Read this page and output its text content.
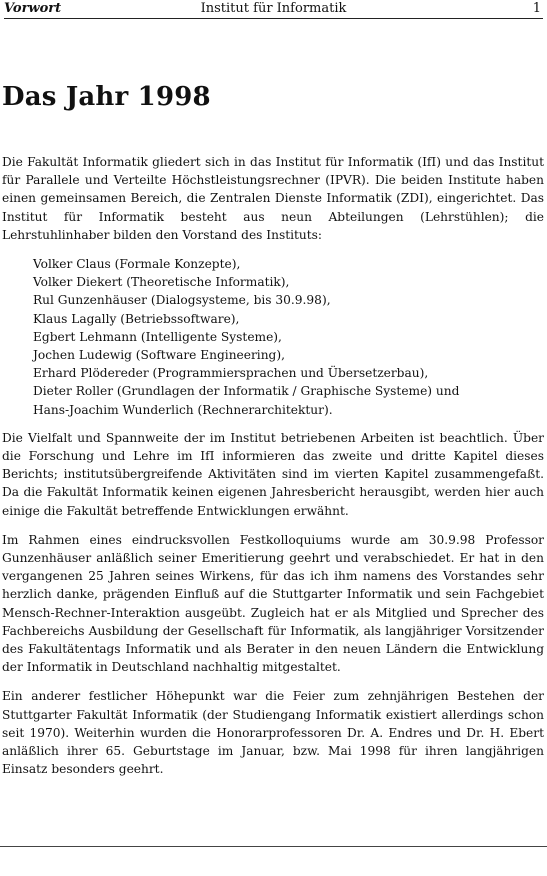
Vorwort	Institut für Informatik	1
Das Jahr 1998

Die Fakultät Informatik gliedert sich in das Institut für Informatik (IfI) und das Institut für Parallele und Verteilte Höchstleistungsrechner (IPVR). Die beiden Institute haben einen gemeinsamen Bereich, die Zentralen Dienste Informatik (ZDI), eingerichtet. Das Institut für Informatik besteht aus neun Abteilungen (Lehrstühlen); die Lehrstuhlinhaber bilden den Vorstand des Instituts:

Volker Claus (Formale Konzepte),
Volker Diekert (Theoretische Informatik),
Rul Gunzenhäuser (Dialogsysteme, bis 30.9.98),
Klaus Lagally (Betriebssoftware),
Egbert Lehmann (Intelligente Systeme),
Jochen Ludewig (Software Engineering),
Erhard Plödereder (Programmiersprachen und Übersetzerbau),
Dieter Roller (Grundlagen der Informatik / Graphische Systeme) und
Hans-Joachim Wunderlich (Rechnerarchitektur).

Die Vielfalt und Spannweite der im Institut betriebenen Arbeiten ist beachtlich. Über die Forschung und Lehre im IfI informieren das zweite und dritte Kapitel dieses Berichts; institutsübergreifende Aktivitäten sind im vierten Kapitel zusammengefaßt. Da die Fakultät Informatik keinen eigenen Jahresbericht herausgibt, werden hier auch einige die Fakultät betreffende Entwicklungen erwähnt.

Im Rahmen eines eindrucksvollen Festkolloquiums wurde am 30.9.98 Professor Gunzenhäuser anläßlich seiner Emeritierung geehrt und verabschiedet. Er hat in den vergangenen 25 Jahren seines Wirkens, für das ich ihm namens des Vorstandes sehr herzlich danke, prägenden Einfluß auf die Stuttgarter Informatik und sein Fachgebiet Mensch-Rechner-Interaktion ausgeübt. Zugleich hat er als Mitglied und Sprecher des Fachbereichs Ausbildung der Gesellschaft für Informatik, als langjähriger Vorsitzender des Fakultätentags Informatik und als Berater in den neuen Ländern die Entwicklung der Informatik in Deutschland nachhaltig mitgestaltet.

Ein anderer festlicher Höhepunkt war die Feier zum zehnjährigen Bestehen der Stuttgarter Fakultät Informatik (der Studiengang Informatik existiert allerdings schon seit 1970). Weiterhin wurden die Honorarprofessoren Dr. A. Endres und Dr. H. Ebert anläßlich ihrer 65. Geburtstage im Januar, bzw. Mai 1998 für ihren langjährigen Einsatz besonders geehrt.
